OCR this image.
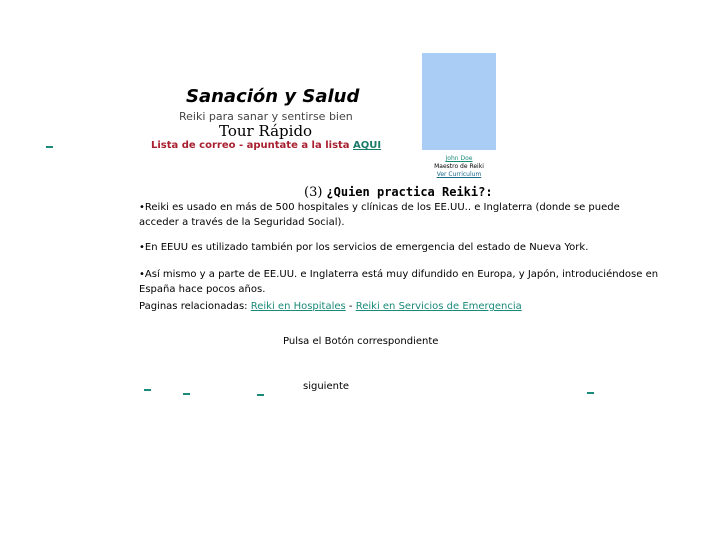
Sanación y Salud
Reiki para sanar y sentirse bien
Tour Rápido
Lista de correo - apuntate a la lista AQUI
John Doe
Maestro de Reiki
Ver Curriculum
(3) ¿Quien practica Reiki?:
•Reiki es usado en más de 500 hospitales y clínicas de los EE.UU.. e Inglaterra (donde se puede acceder a través de la Seguridad Social).
•En EEUU es utilizado también por los servicios de emergencia del estado de Nueva York.
•Así mismo y a parte de EE.UU. e Inglaterra está muy difundido en Europa, y Japón, introduciéndose en España hace pocos años.
Paginas relacionadas: Reiki en Hospitales - Reiki en Servicios de Emergencia
Pulsa el Botón correspondiente
siguiente
